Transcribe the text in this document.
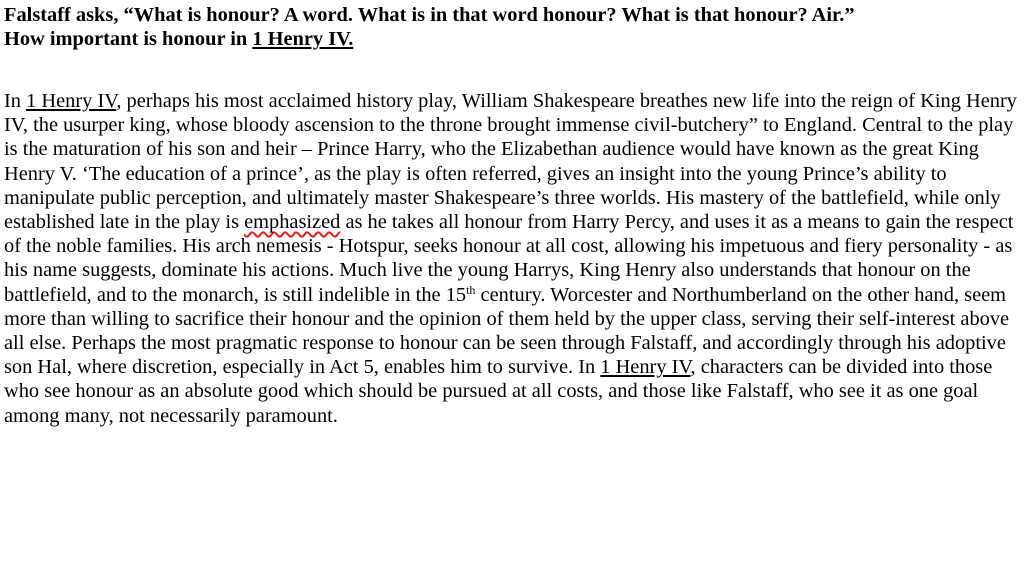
Falstaff asks, “What is honour? A word. What is in that word honour? What is that honour? Air.”
How important is honour in 1 Henry IV.

In 1 Henry IV, perhaps his most acclaimed history play, William Shakespeare breathes new life into the reign of King Henry IV, the usurper king, whose bloody ascension to the throne brought immense civil-butchery” to England. Central to the play is the maturation of his son and heir – Prince Harry, who the Elizabethan audience would have known as the great King Henry V. ‘The education of a prince’, as the play is often referred, gives an insight into the young Prince’s ability to manipulate public perception, and ultimately master Shakespeare’s three worlds. His mastery of the battlefield, while only established late in the play is emphasized as he takes all honour from Harry Percy, and uses it as a means to gain the respect of the noble families. His arch nemesis - Hotspur, seeks honour at all cost, allowing his impetuous and fiery personality - as his name suggests, dominate his actions. Much live the young Harrys, King Henry also understands that honour on the battlefield, and to the monarch, is still indelible in the 15th century. Worcester and Northumberland on the other hand, seem more than willing to sacrifice their honour and the opinion of them held by the upper class, serving their self-interest above all else. Perhaps the most pragmatic response to honour can be seen through Falstaff, and accordingly through his adoptive son Hal, where discretion, especially in Act 5, enables him to survive. In 1 Henry IV, characters can be divided into those who see honour as an absolute good which should be pursued at all costs, and those like Falstaff, who see it as one goal among many, not necessarily paramount.
